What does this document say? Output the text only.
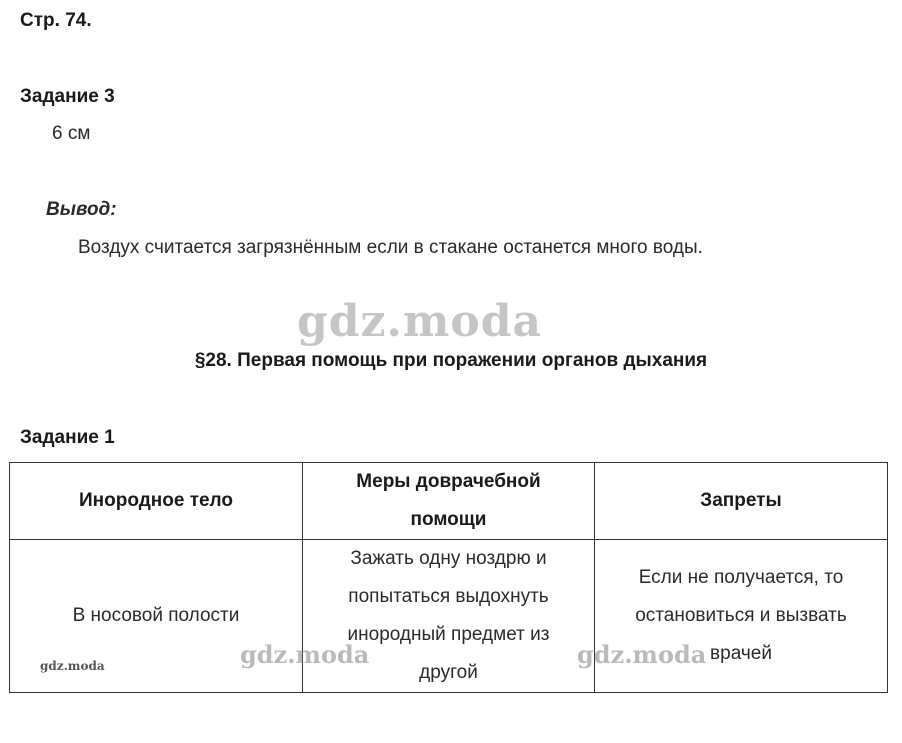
Стр. 74.
Задание 3
6 см
Вывод:
Воздух считается загрязнённым если в стакане останется много воды.
gdz.moda
§28. Первая помощь при поражении органов дыхания
Задание 1
Инородное тело	Меры доврачебной помощи	Запреты
В носовой полости	Зажать одну ноздрю и попытаться выдохнуть инородный предмет из другой	Если не получается, то остановиться и вызвать врачей
gdz.moda	gdz.moda
gdz.moda
